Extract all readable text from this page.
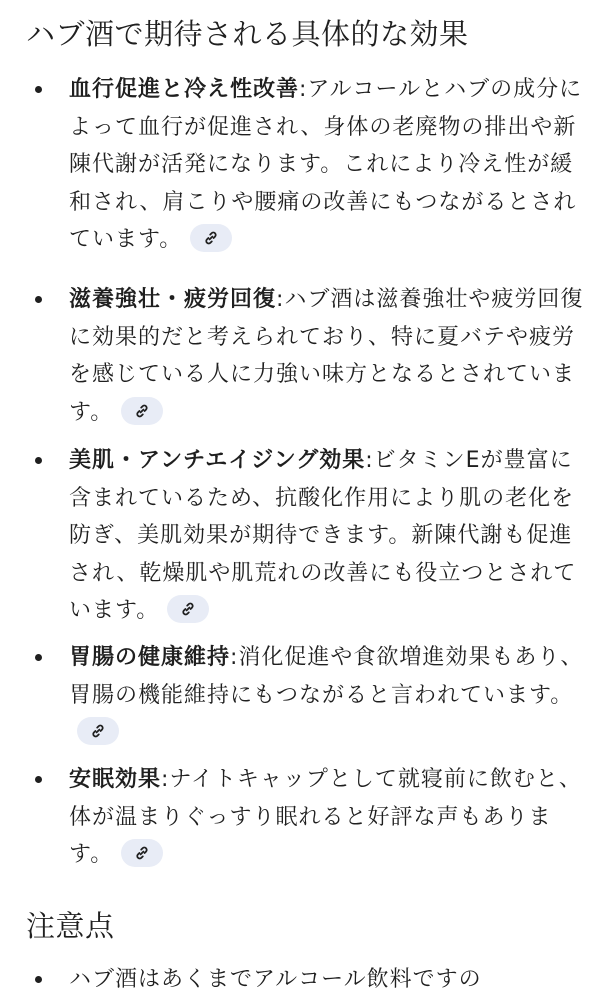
ハブ酒で期待される具体的な効果
血行促進と冷え性改善:アルコールとハブの成分によって血行が促進され、身体の老廃物の排出や新陳代謝が活発になります。これにより冷え性が緩和され、肩こりや腰痛の改善にもつながるとされています。
滋養強壮・疲労回復:ハブ酒は滋養強壮や疲労回復に効果的だと考えられており、特に夏バテや疲労を感じている人に力強い味方となるとされています。
美肌・アンチエイジング効果:ビタミンEが豊富に含まれているため、抗酸化作用により肌の老化を防ぎ、美肌効果が期待できます。新陳代謝も促進され、乾燥肌や肌荒れの改善にも役立つとされています。
胃腸の健康維持:消化促進や食欲増進効果もあり、胃腸の機能維持にもつながると言われています。
安眠効果:ナイトキャップとして就寝前に飲むと、体が温まりぐっすり眠れると好評な声もあります。
注意点
ハブ酒はあくまでアルコール飲料ですの
